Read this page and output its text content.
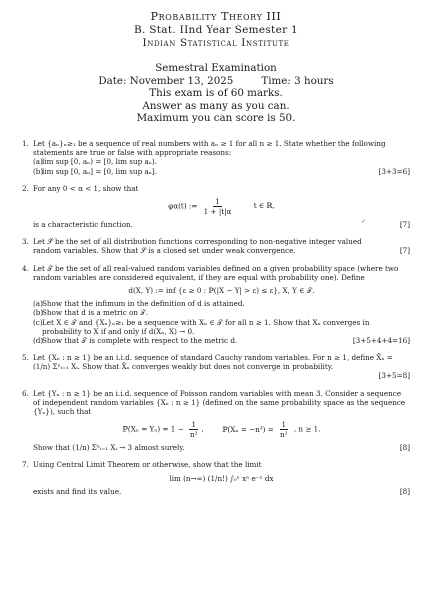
Probability Theory III
B. Stat. IInd Year Semester 1
Indian Statistical Institute
Semestral Examination
Date: November 13, 2025	Time: 3 hours
This exam is of 60 marks.
Answer as many as you can.
Maximum you can score is 50.
1. Let {aₙ}ₙ≥₁ be a sequence of real numbers with aₙ ≥ 1 for all n ≥ 1. State whether the following statements are true or false with appropriate reasons:
(a) lim sup [0, aₙ) = [0, lim sup aₙ).
(b)
lim sup [0, aₙ] = [0, lim sup aₙ].	[3+3=6]
2. For any 0 < α < 1, show that
φα(t) := $\frac{1}{1 + |t|\alpha}$	t ∈ ℝ,
is a characteristic function.	[7]
✓
3. Let 𝒮 be the set of all distribution functions corresponding to non-negative integer valued random variables. Show that 𝒮 is a closed set under weak convergence.	[7]
4. Let 𝒯 be the set of all real-valued random variables defined on a given probability space (where two random variables are considered equivalent, if they are equal with probability one). Define
d(X, Y) := inf {ε ≥ 0 : ℙ(|X − Y| > ε) ≤ ε}, X, Y ∈ 𝒯.
(a) Show that the infimum in the definition of d is attained.
(b)
Show that d is a metric on 𝒯.
(c) Let X ∈ 𝒯 and {Xₙ}ₙ≥₁ be a sequence with Xₙ ∈ 𝒯 for all n ≥ 1. Show that Xₙ converges in probability to X if and only if d(Xₙ, X) → 0.
(d)
Show that 𝒯 is complete with respect to the metric d.	[3+5+4+4=16]
5. Let {Xₙ : n ≥ 1} be an i.i.d. sequence of standard Cauchy random variables. For n ≥ 1, define X̄ₙ = (1/n) Σⁿᵢ₌₁ Xᵢ. Show that X̄ₙ converges weakly but does not converge in probability.
[3+5=8]
6. Let {Yₙ : n ≥ 1} be an i.i.d. sequence of Poisson random variables with mean 3. Consider a sequence of independent random variables {Xₙ : n ≥ 1} (defined on the same probability space as the sequence {Yₙ}), such that
ℙ(Xₙ = $Y_n) = 1 - \frac{1}{\text{n²}}$ , ℙ(Xₙ = $-n^3) = \frac{1}{\text{n²}}$ , n ≥ 1.
Show that (1/n) Σⁿᵢ₌₁ Xᵢ → 3 almost surely.	[8]
7. Using Central Limit Theorem or otherwise, show that the limit
lim (n→∞) (1/n!) ∫₀ⁿ xⁿ e⁻ˣ dx
exists and find its value.	[8]
